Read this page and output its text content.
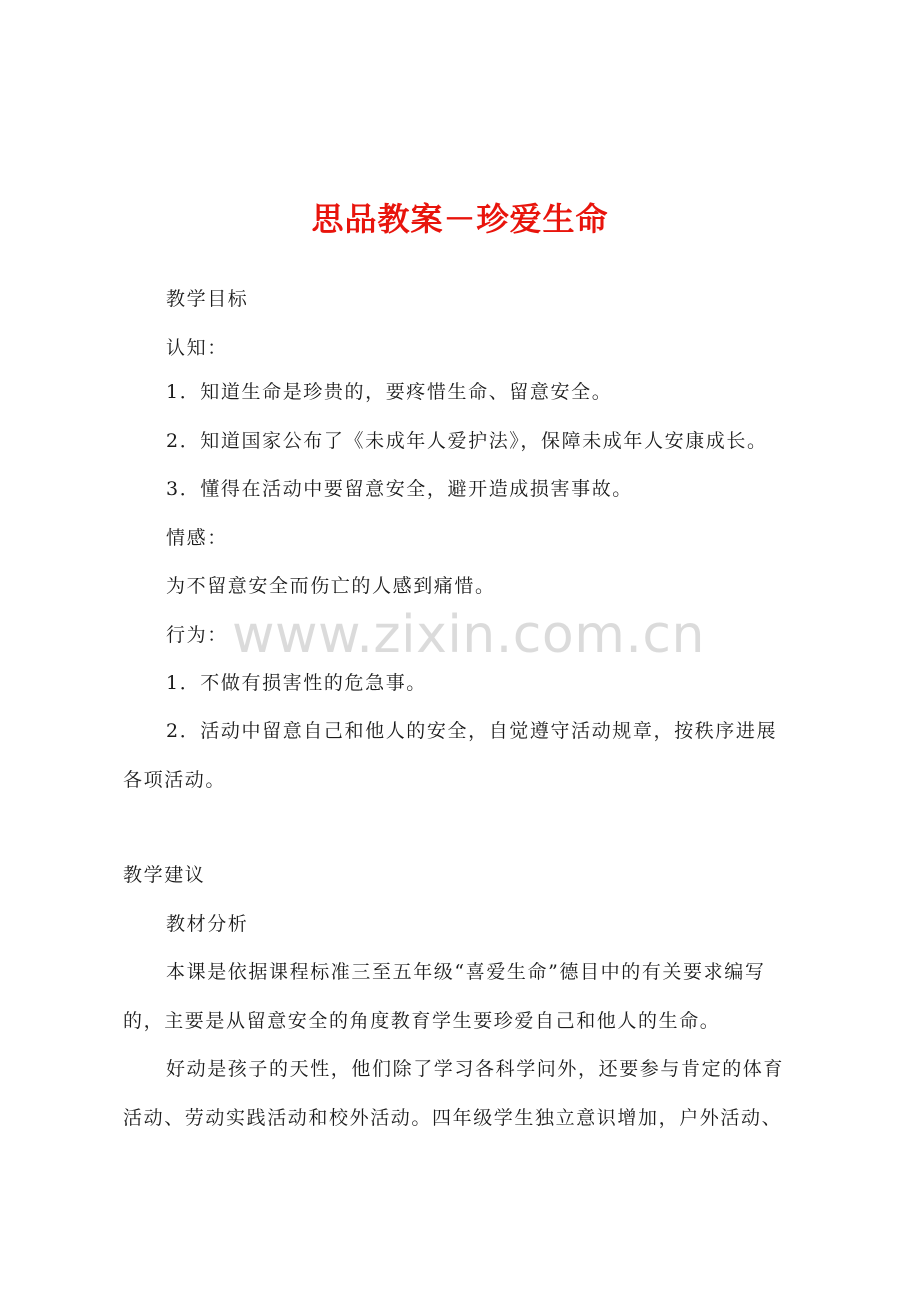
思品教案－珍爱生命
教学目标
认知：
1．知道生命是珍贵的，要疼惜生命、留意安全。
2．知道国家公布了《未成年人爱护法》，保障未成年人安康成长。
3．懂得在活动中要留意安全，避开造成损害事故。
情感：
为不留意安全而伤亡的人感到痛惜。
行为：
1．不做有损害性的危急事。
2．活动中留意自己和他人的安全，自觉遵守活动规章，按秩序进展
各项活动。
教学建议
教材分析
本课是依据课程标准三至五年级“喜爱生命”德目中的有关要求编写
的，主要是从留意安全的角度教育学生要珍爱自己和他人的生命。
好动是孩子的天性，他们除了学习各科学问外，还要参与肯定的体育
活动、劳动实践活动和校外活动。四年级学生独立意识增加，户外活动、
www.zixin.com.cn
